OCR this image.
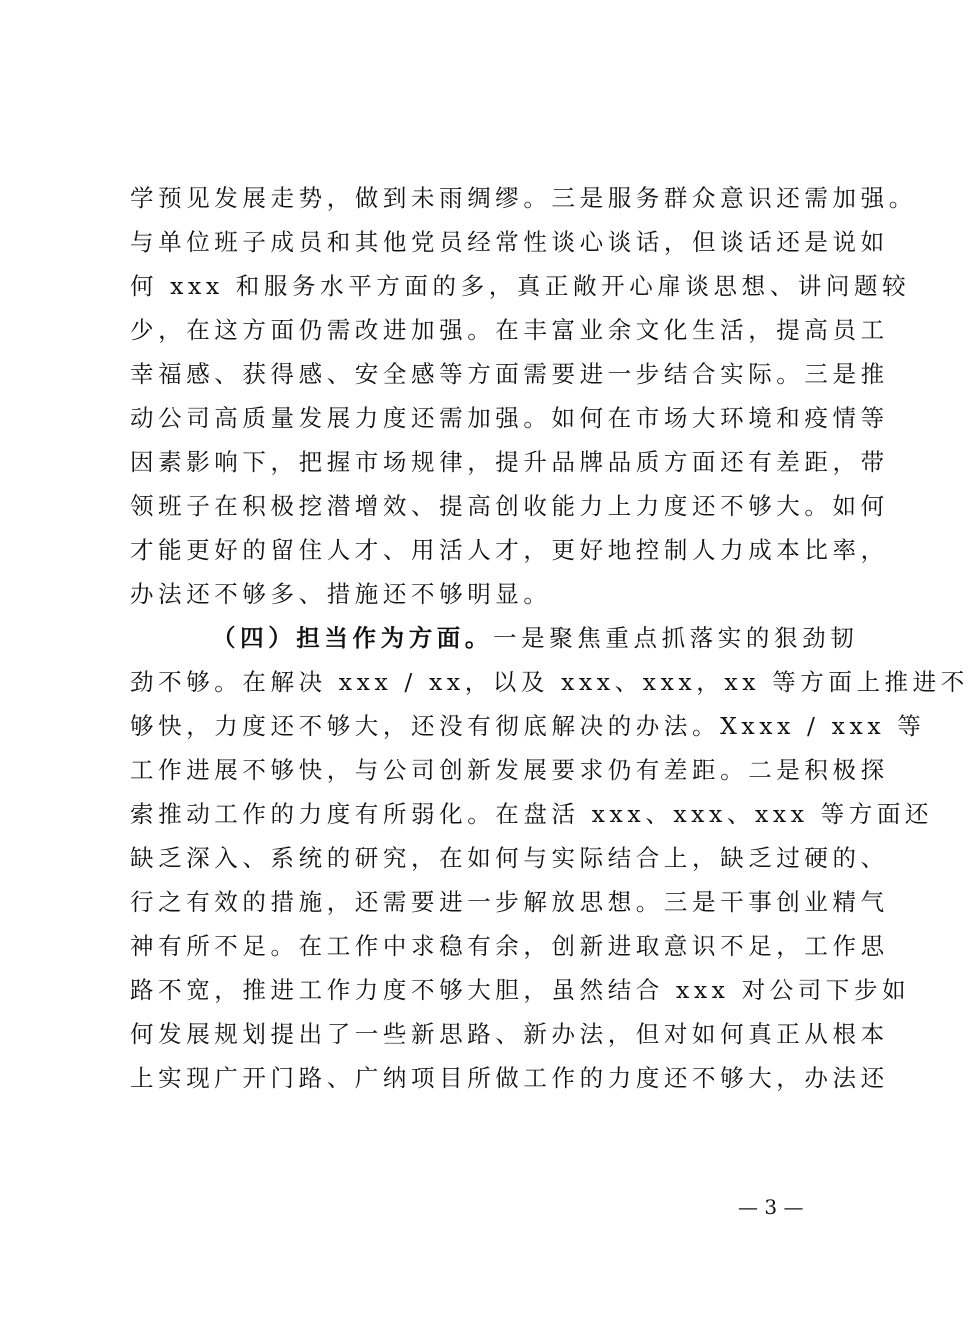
学预见发展走势，做到未雨绸缪。三是服务群众意识还需加强。
与单位班子成员和其他党员经常性谈心谈话，但谈话还是说如
何 xxx 和服务水平方面的多，真正敞开心扉谈思想、讲问题较
少，在这方面仍需改进加强。在丰富业余文化生活，提高员工
幸福感、获得感、安全感等方面需要进一步结合实际。三是推
动公司高质量发展力度还需加强。如何在市场大环境和疫情等
因素影响下，把握市场规律，提升品牌品质方面还有差距，带
领班子在积极挖潜增效、提高创收能力上力度还不够大。如何
才能更好的留住人才、用活人才，更好地控制人力成本比率，
办法还不够多、措施还不够明显。
（四）担当作为方面。一是聚焦重点抓落实的狠劲韧
劲不够。在解决 xxx / xx，以及 xxx、xxx，xx 等方面上推进不
够快，力度还不够大，还没有彻底解决的办法。Xxxx / xxx 等
工作进展不够快，与公司创新发展要求仍有差距。二是积极探
索推动工作的力度有所弱化。在盘活 xxx、xxx、xxx 等方面还
缺乏深入、系统的研究，在如何与实际结合上，缺乏过硬的、
行之有效的措施，还需要进一步解放思想。三是干事创业精气
神有所不足。在工作中求稳有余，创新进取意识不足，工作思
路不宽，推进工作力度不够大胆，虽然结合 xxx 对公司下步如
何发展规划提出了一些新思路、新办法，但对如何真正从根本
上实现广开门路、广纳项目所做工作的力度还不够大，办法还
— 3 —
